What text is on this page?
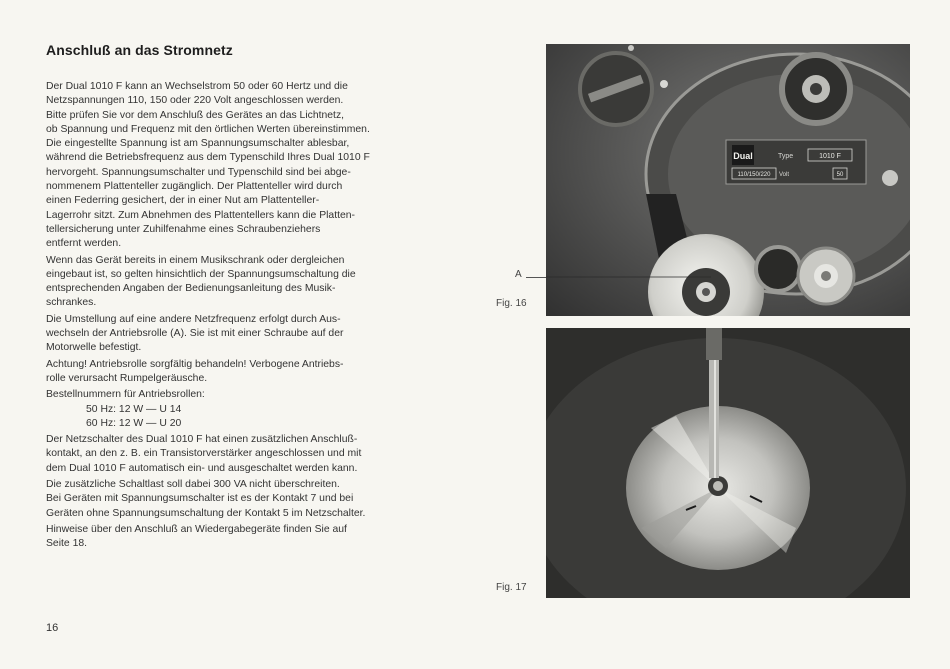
Anschluß an das Stromnetz

Der Dual 1010 F kann an Wechselstrom 50 oder 60 Hertz und die
Netzspannungen 110, 150 oder 220 Volt angeschlossen werden.
Bitte prüfen Sie vor dem Anschluß des Gerätes an das Lichtnetz,
ob Spannung und Frequenz mit den örtlichen Werten übereinstimmen.
Die eingestellte Spannung ist am Spannungsumschalter ablesbar,
während die Betriebsfrequenz aus dem Typenschild Ihres Dual 1010 F
hervorgeht. Spannungsumschalter und Typenschild sind bei abge-
nommenem Plattenteller zugänglich. Der Plattenteller wird durch
einen Federring gesichert, der in einer Nut am Plattenteller-
Lagerrohr sitzt. Zum Abnehmen des Plattentellers kann die Platten-
tellersicherung unter Zuhilfenahme eines Schraubenziehers
entfernt werden.

Wenn das Gerät bereits in einem Musikschrank oder dergleichen
eingebaut ist, so gelten hinsichtlich der Spannungsumschaltung die
entsprechenden Angaben der Bedienungsanleitung des Musik-
schrankes.

Die Umstellung auf eine andere Netzfrequenz erfolgt durch Aus-
wechseln der Antriebsrolle (A). Sie ist mit einer Schraube auf der
Motorwelle befestigt.

Achtung! Antriebsrolle sorgfältig behandeln! Verbogene Antriebs-
rolle verursacht Rumpelgeräusche.

Bestellnummern für Antriebsrollen:
50 Hz: 12 W — U 14
60 Hz: 12 W — U 20

Der Netzschalter des Dual 1010 F hat einen zusätzlichen Anschluß-
kontakt, an den z. B. ein Transistorverstärker angeschlossen und mit
dem Dual 1010 F automatisch ein- und ausgeschaltet werden kann.

Die zusätzliche Schaltlast soll dabei 300 VA nicht überschreiten.
Bei Geräten mit Spannungsumschalter ist es der Kontakt 7 und bei
Geräten ohne Spannungsumschaltung der Kontakt 5 im Netzschalter.

Hinweise über den Anschluß an Wiedergabegeräte finden Sie auf
Seite 18.

16
Dual	Type	1010 F
110/150/220 Volt	50
A
Fig. 16
Fig. 17
